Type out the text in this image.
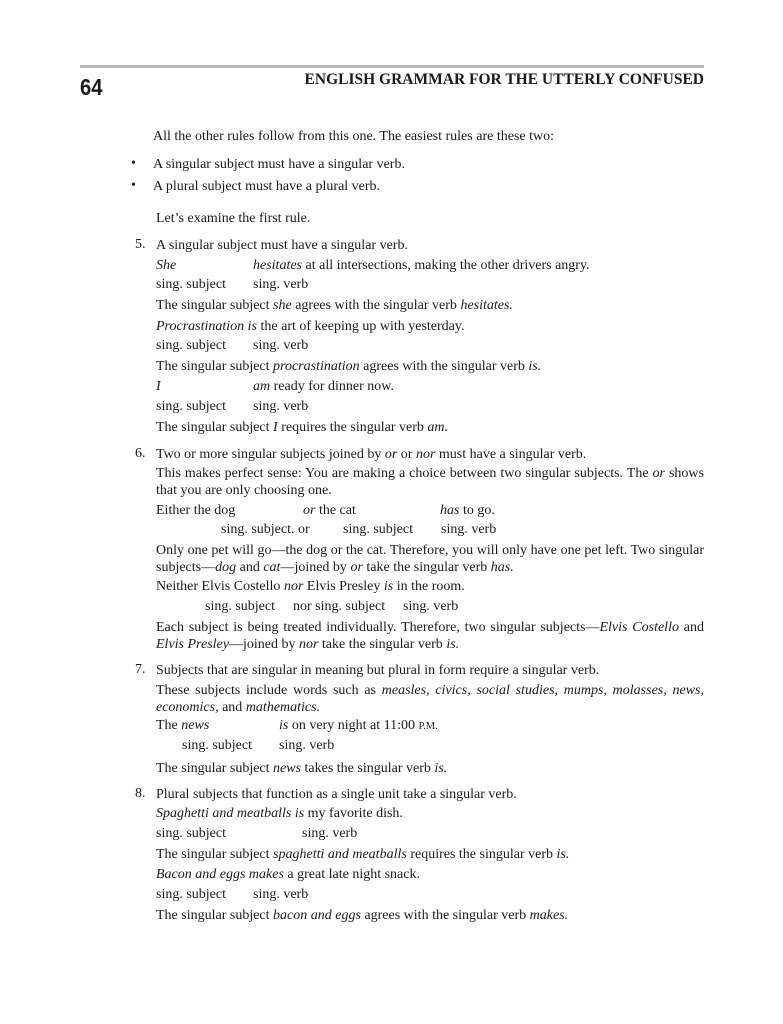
64	ENGLISH GRAMMAR FOR THE UTTERLY CONFUSED
All the other rules follow from this one. The easiest rules are these two:
• A singular subject must have a singular verb.
• A plural subject must have a plural verb.
Let’s examine the first rule.
5. A singular subject must have a singular verb.
She	hesitates at all intersections, making the other drivers angry.
sing. subject sing. verb
The singular subject she agrees with the singular verb hesitates.
Procrastination is the art of keeping up with yesterday.
sing. subject sing. verb
The singular subject procrastination agrees with the singular verb is.
I	am ready for dinner now.
sing. subject sing. verb
The singular subject I requires the singular verb am.
6. Two or more singular subjects joined by or or nor must have a singular verb.
This makes perfect sense: You are making a choice between two singular subjects. The or shows that you are only choosing one.
Either the dog	or the cat	has to go.
sing. subject. or sing. subject sing. verb
Only one pet will go—the dog or the cat. Therefore, you will only have one pet left. Two singular subjects—dog and cat—joined by or take the singular verb has.
Neither Elvis Costello nor Elvis Presley is in the room.
sing. subject nor sing. subject sing. verb
Each subject is being treated individually. Therefore, two singular subjects—Elvis Costello and Elvis Presley—joined by nor take the singular verb is.
7. Subjects that are singular in meaning but plural in form require a singular verb.
These subjects include words such as measles, civics, social studies, mumps, molasses, news, economics, and mathematics.
The news	is on very night at 11:00 P.M.
sing. subject sing. verb
The singular subject news takes the singular verb is.
8. Plural subjects that function as a single unit take a singular verb.
Spaghetti and meatballs is my favorite dish.
sing. subject	sing. verb
The singular subject spaghetti and meatballs requires the singular verb is.
Bacon and eggs makes a great late night snack.
sing. subject sing. verb
The singular subject bacon and eggs agrees with the singular verb makes.
